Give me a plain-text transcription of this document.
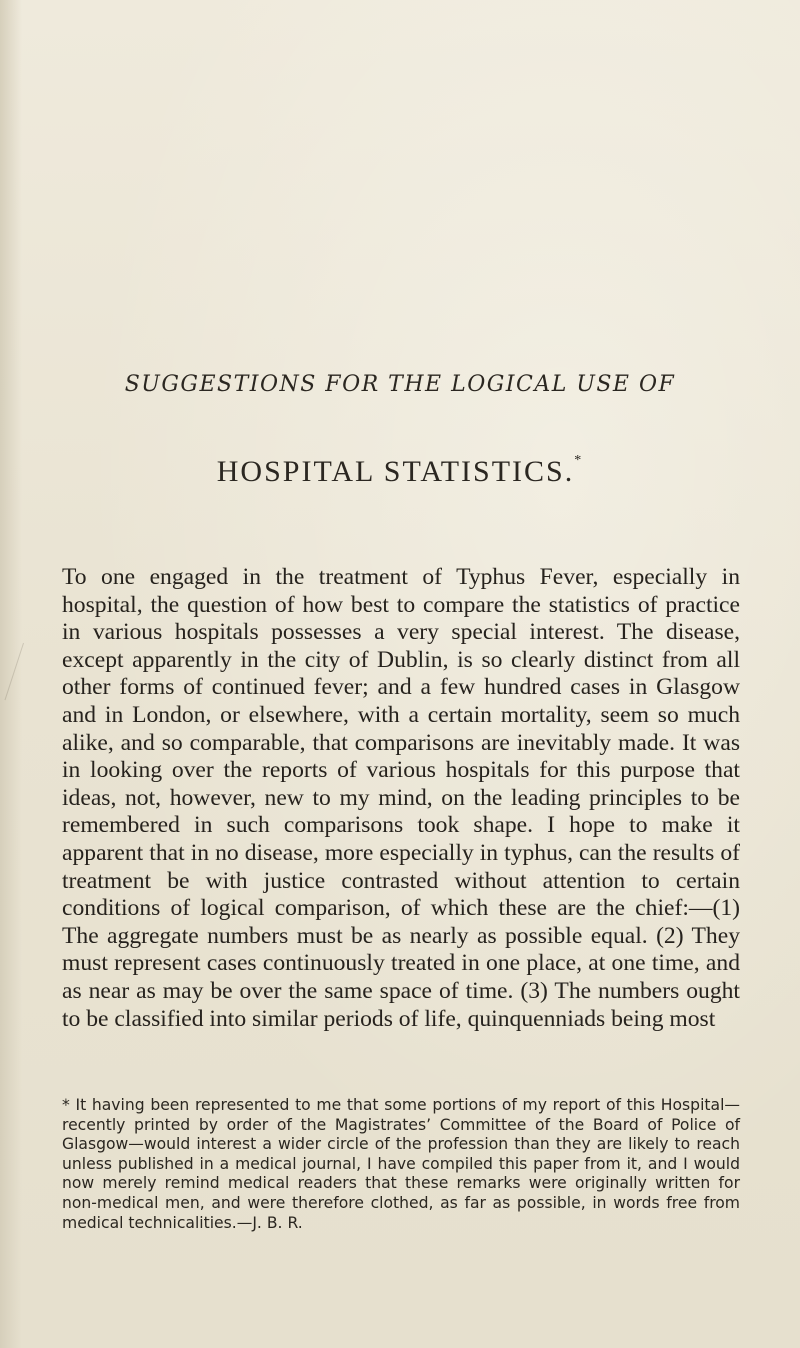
SUGGESTIONS FOR THE LOGICAL USE OF
HOSPITAL STATISTICS.*

To one engaged in the treatment of Typhus Fever, especially in hospital, the question of how best to compare the statistics of practice in various hospitals possesses a very special interest. The disease, except apparently in the city of Dublin, is so clearly distinct from all other forms of continued fever; and a few hundred cases in Glasgow and in London, or elsewhere, with a certain mortality, seem so much alike, and so comparable, that comparisons are inevitably made. It was in looking over the reports of various hospitals for this purpose that ideas, not, however, new to my mind, on the leading principles to be remembered in such comparisons took shape. I hope to make it apparent that in no disease, more especially in typhus, can the results of treatment be with justice contrasted without attention to certain conditions of logical comparison, of which these are the chief:—(1) The aggregate numbers must be as nearly as possible equal. (2) They must represent cases continuously treated in one place, at one time, and as near as may be over the same space of time. (3) The numbers ought to be classified into similar periods of life, quinquenniads being most

* It having been represented to me that some portions of my report of this Hospital—recently printed by order of the Magistrates’ Committee of the Board of Police of Glasgow—would interest a wider circle of the profession than they are likely to reach unless published in a medical journal, I have compiled this paper from it, and I would now merely remind medical readers that these remarks were originally written for non-medical men, and were therefore clothed, as far as possible, in words free from medical technicalities.—J. B. R.
